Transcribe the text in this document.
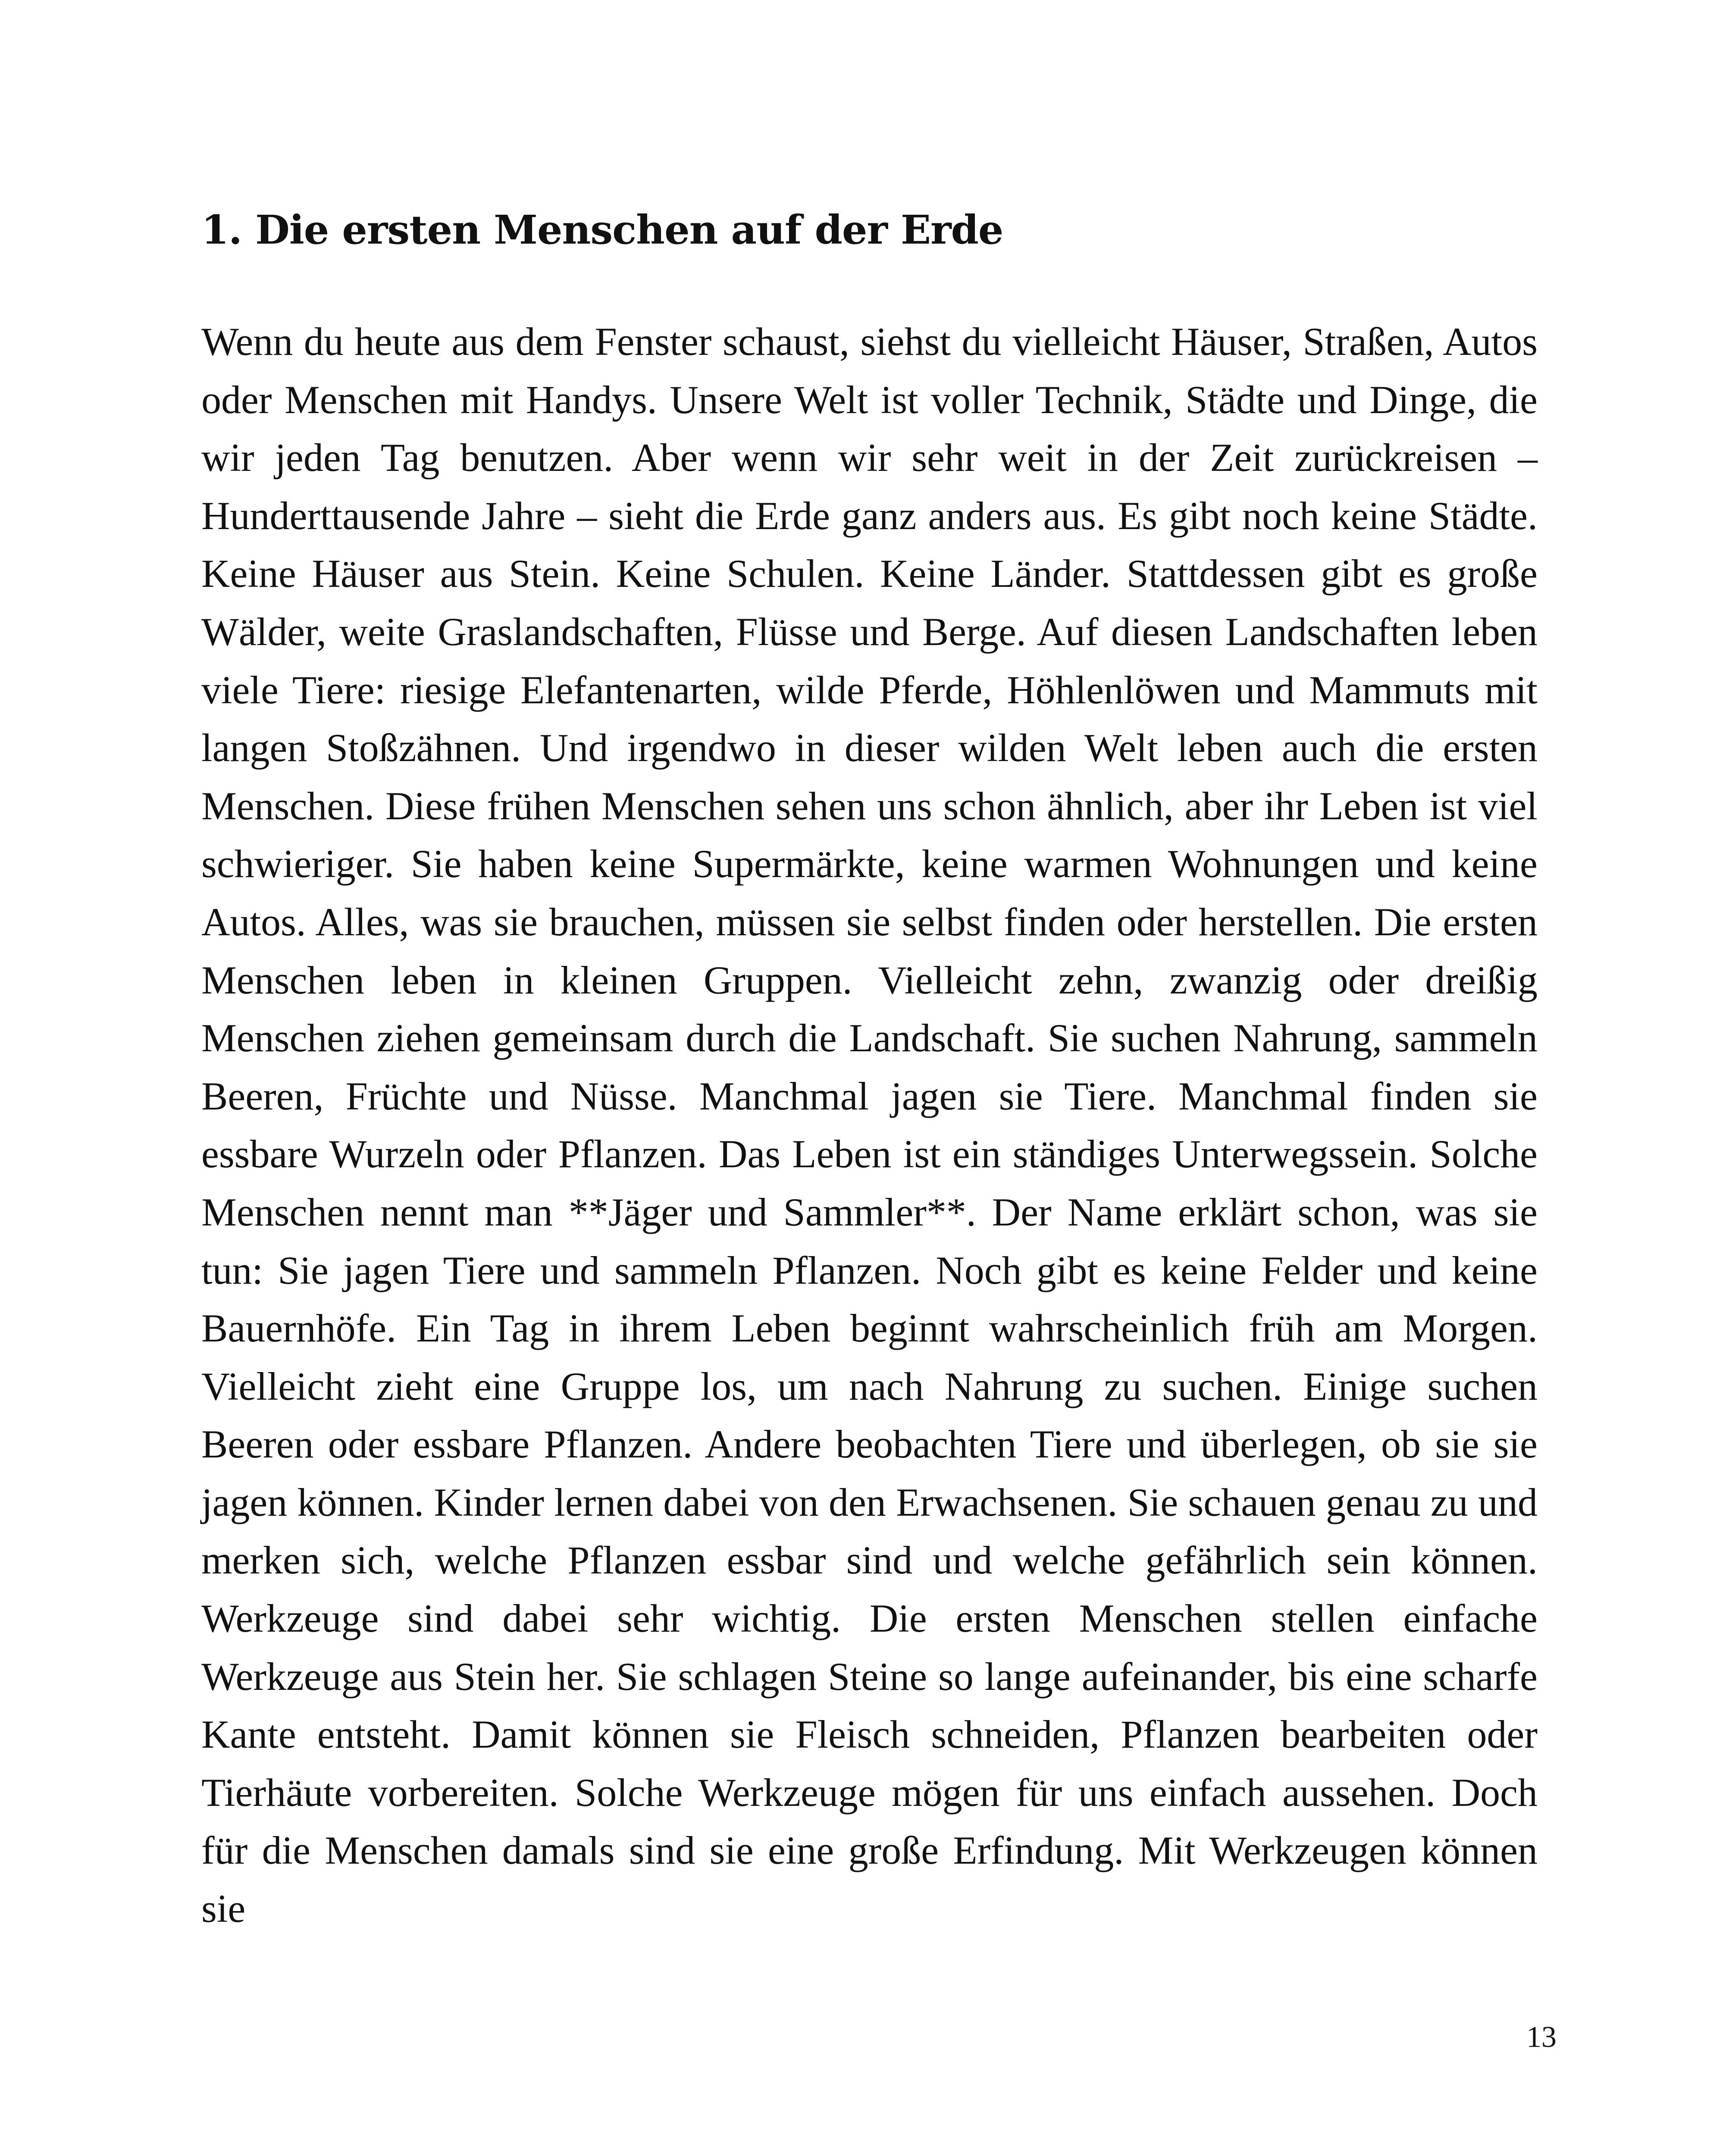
1. Die ersten Menschen auf der Erde

Wenn du heute aus dem Fenster schaust, siehst du vielleicht Häuser, Straßen, Autos oder Menschen mit Handys. Unsere Welt ist voller Technik, Städte und Dinge, die wir jeden Tag benutzen. Aber wenn wir sehr weit in der Zeit zurückreisen – Hunderttausende Jahre – sieht die Erde ganz anders aus. Es gibt noch keine Städte. Keine Häuser aus Stein. Keine Schulen. Keine Länder. Stattdessen gibt es große Wälder, weite Graslandschaften, Flüsse und Berge. Auf diesen Landschaften leben viele Tiere: riesige Elefantenarten, wilde Pferde, Höhlenlöwen und Mammuts mit langen Stoßzähnen. Und irgendwo in dieser wilden Welt leben auch die ersten Menschen. Diese frühen Menschen sehen uns schon ähnlich, aber ihr Leben ist viel schwieriger. Sie haben keine Supermärkte, keine warmen Wohnungen und keine Autos. Alles, was sie brauchen, müssen sie selbst finden oder herstellen. Die ersten Menschen leben in kleinen Gruppen. Vielleicht zehn, zwanzig oder dreißig Menschen ziehen gemeinsam durch die Landschaft. Sie suchen Nahrung, sammeln Beeren, Früchte und Nüsse. Manchmal jagen sie Tiere. Manchmal finden sie essbare Wurzeln oder Pflanzen. Das Leben ist ein ständiges Unterwegssein. Solche Menschen nennt man **Jäger und Sammler**. Der Name erklärt schon, was sie tun: Sie jagen Tiere und sammeln Pflanzen. Noch gibt es keine Felder und keine Bauernhöfe. Ein Tag in ihrem Leben beginnt wahrscheinlich früh am Morgen. Vielleicht zieht eine Gruppe los, um nach Nahrung zu suchen. Einige suchen Beeren oder essbare Pflanzen. Andere beobachten Tiere und überlegen, ob sie sie jagen können. Kinder lernen dabei von den Erwachsenen. Sie schauen genau zu und merken sich, welche Pflanzen essbar sind und welche gefährlich sein können. Werkzeuge sind dabei sehr wichtig. Die ersten Menschen stellen einfache Werkzeuge aus Stein her. Sie schlagen Steine so lange aufeinander, bis eine scharfe Kante entsteht. Damit können sie Fleisch schneiden, Pflanzen bearbeiten oder Tierhäute vorbereiten. Solche Werkzeuge mögen für uns einfach aussehen. Doch für die Menschen damals sind sie eine große Erfindung. Mit Werkzeugen können sie

13
